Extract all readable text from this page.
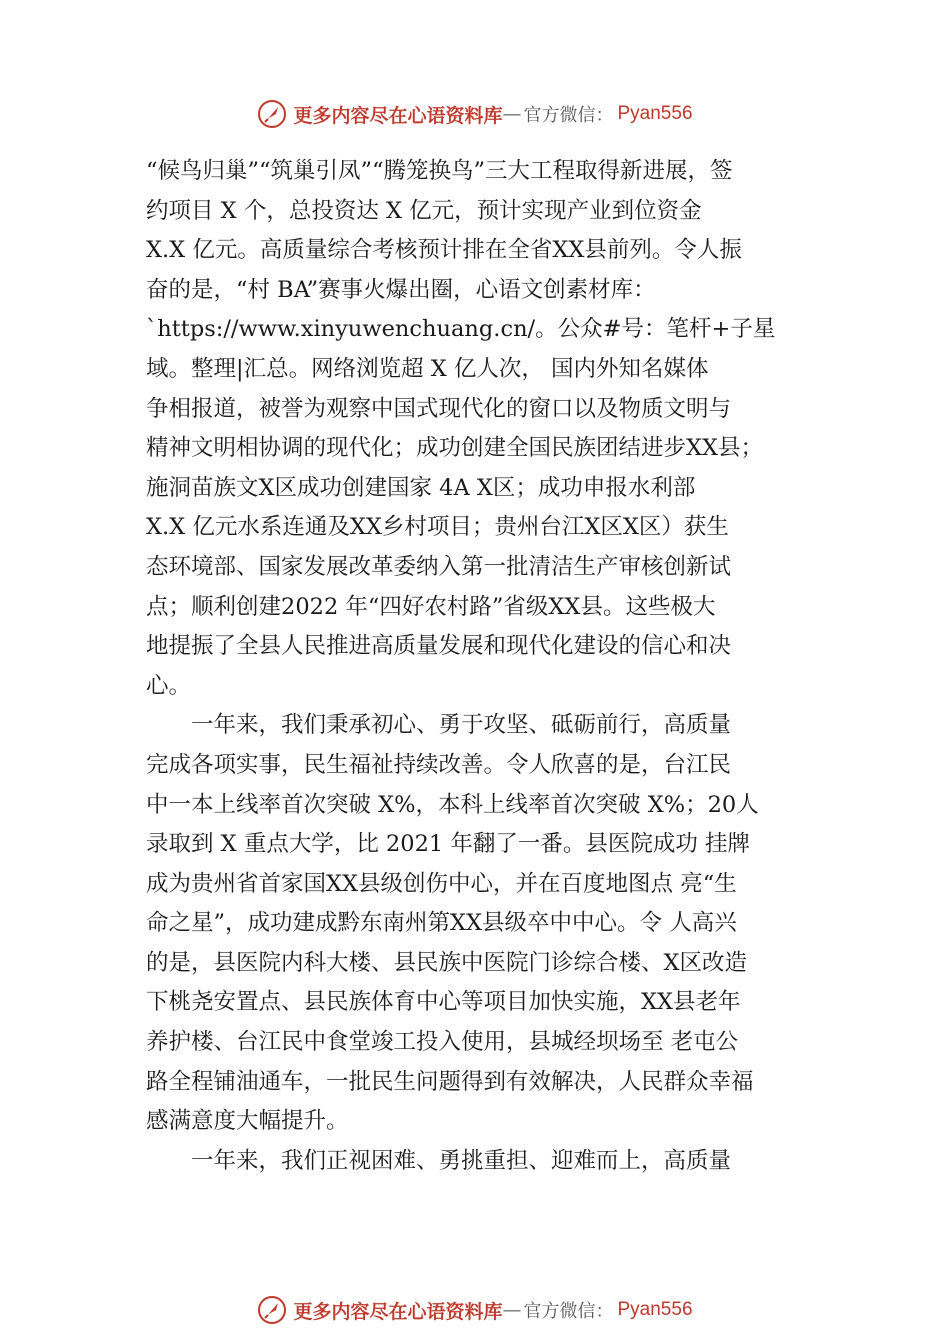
更多内容尽在心语资料库 — 官方微信： Pyan556
“候鸟归巢”“筑巢引凤”“腾笼换鸟”三大工程取得新进展，签
约项目 X 个，总投资达 X 亿元，预计实现产业到位资金
X.X 亿元。高质量综合考核预计排在全省XX县前列。令人振
奋的是，“村 BA”赛事火爆出圈，心语文创素材库：
`https://www.xinyuwenchuang.cn/。公众#号：笔杆+子星
域。整理|汇总。网络浏览超 X 亿人次， 国内外知名媒体
争相报道，被誉为观察中国式现代化的窗口以及物质文明与
精神文明相协调的现代化；成功创建全国民族团结进步XX县；
施洞苗族文X区成功创建国家 4A X区；成功申报水利部
X.X 亿元水系连通及XX乡村项目；贵州台江X区X区）获生
态环境部、国家发展改革委纳入第一批清洁生产审核创新试
点；顺利创建2022 年“四好农村路”省级XX县。这些极大
地提振了全县人民推进高质量发展和现代化建设的信心和决
心。
　　一年来，我们秉承初心、勇于攻坚、砥砺前行，高质量
完成各项实事，民生福祉持续改善。令人欣喜的是，台江民
中一本上线率首次突破 X%，本科上线率首次突破 X%；20人
录取到 X 重点大学，比 2021 年翻了一番。县医院成功 挂牌
成为贵州省首家国XX县级创伤中心，并在百度地图点 亮“生
命之星”，成功建成黔东南州第XX县级卒中中心。令 人高兴
的是，县医院内科大楼、县民族中医院门诊综合楼、X区改造
下桃尧安置点、县民族体育中心等项目加快实施，XX县老年
养护楼、台江民中食堂竣工投入使用，县城经坝场至 老屯公
路全程铺油通车，一批民生问题得到有效解决，人民群众幸福
感满意度大幅提升。
　　一年来，我们正视困难、勇挑重担、迎难而上，高质量
更多内容尽在心语资料库 — 官方微信： Pyan556
